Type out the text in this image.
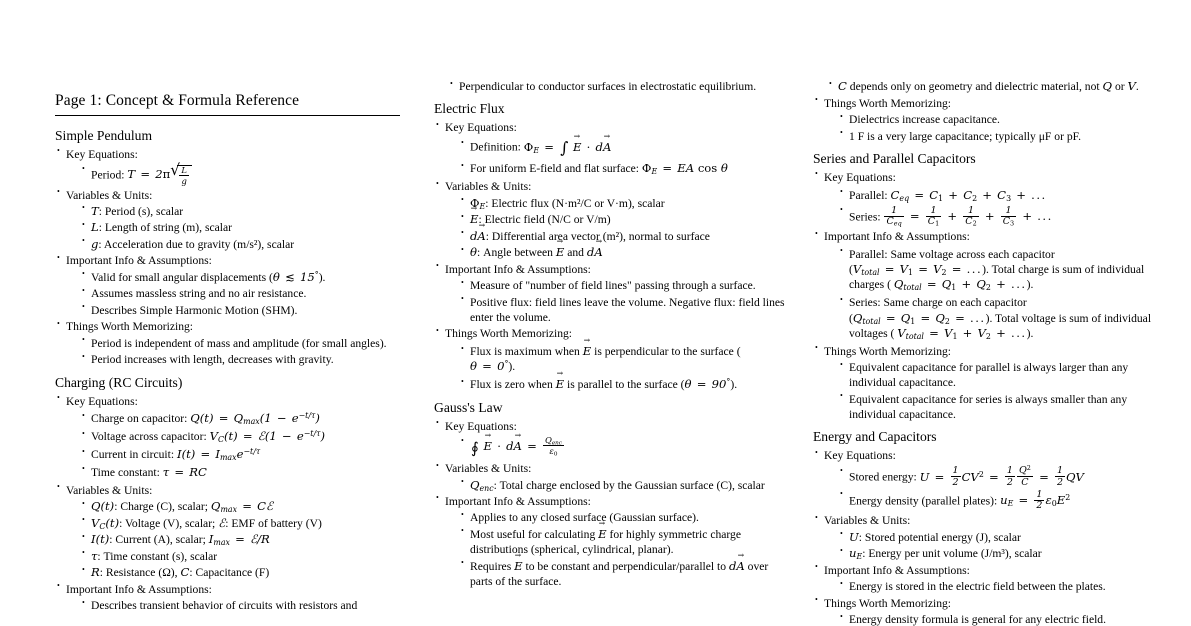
Page 1: Concept & Formula Reference
Simple Pendulum
• Key Equations:
• Period: T = 2π √ $\frac{L}{g}$
• Variables & Units:
• T: Period (s), scalar
• L: Length of string (m), scalar
• g: Acceleration due to gravity (m/s²), scalar
• Important Info & Assumptions:
• Valid for small angular displacements (θ ≲ 15°).
• Assumes massless string and no air resistance.
• Describes Simple Harmonic Motion (SHM).
• Things Worth Memorizing:
• Period is independent of mass and amplitude (for small angles).
• Period increases with length, decreases with gravity.
Charging (RC Circuits)
• Key Equations:
• Charge on capacitor: $Q(t) = Q_{max}(1 - e^{-t/\tau})$
• Voltage across capacitor: $V_C(t)$ = ℰ(1 − $e^{-t/\tau}$)
• Current in circuit: $I(t) = I_{max}e^{-t/\tau}$
• Time constant: τ = RC
• Variables & Units:
• Q(t): Charge (C), scalar; $Q_{max}$ = Cℰ
• $V_C(t)$: Voltage (V), scalar; ℰ: EMF of battery (V)
• I(t): Current (A), scalar; $I_{max}$ = ℰ/R
• τ: Time constant (s), scalar
• R: Resistance (Ω), C: Capacitance (F)
• Important Info & Assumptions:
• Describes transient behavior of circuits with resistors and
• Perpendicular to conductor surfaces in electrostatic equilibrium.
Electric Flux
• Key Equations:
• Definition: $\Phi_E$ = ∫ E → · dA →
• For uniform E-field and flat surface: $\Phi_E$ = EA cos θ
• Variables & Units:
• $\Phi_E$: Electric flux (N·m²/C or V·m), scalar
• E →: Electric field (N/C or V/m)
• dA →: Differential area vector (m²), normal to surface
• θ: Angle between E → and dA →
• Important Info & Assumptions:
• Measure of "number of field lines" passing through a surface.
• Positive flux: field lines leave the volume. Negative flux: field lines enter the volume.
• Things Worth Memorizing:
• Flux is maximum when E → is perpendicular to the surface ( θ = 0°).
• Flux is zero when E → is parallel to the surface (θ = 90°).
Gauss's Law
• Key Equations:
• ∮ E → · dA → = $\frac{Q_{enc}}{\varepsilon_0}$
• Variables & Units:
• $Q_{enc}$: Total charge enclosed by the Gaussian surface (C), scalar
• Important Info & Assumptions:
• Applies to any closed surface (Gaussian surface).
• Most useful for calculating E → for highly symmetric charge distributions (spherical, cylindrical, planar).
• Requires E → to be constant and perpendicular/parallel to dA → over parts of the surface.
• C depends only on geometry and dielectric material, not Q or V.
• Things Worth Memorizing:
• Dielectrics increase capacitance.
• 1 F is a very large capacitance; typically μF or pF.
Series and Parallel Capacitors
• Key Equations:
• Parallel: $C_{eq} = C_1 + C_2 + C_3$ + ...
• Series: $\frac{1}{C_{eq}} = \frac{1}{C_1} + \frac{1}{C_2} + \frac{1}{C_3}$ + ...
• Important Info & Assumptions:
• Parallel: Same voltage across each capacitor ($V_{total} = V_1 = V_2$ = ...). Total charge is sum of individual charges ( $Q_{total} = Q_1 + Q_2$ + ...).
• Series: Same charge on each capacitor ($Q_{total} = Q_1 = Q_2$ = ...). Total voltage is sum of individual voltages ( $V_{total} = V_1 + V_2$ + ...).
• Things Worth Memorizing:
• Equivalent capacitance for parallel is always larger than any individual capacitance.
• Equivalent capacitance for series is always smaller than any individual capacitance.
Energy and Capacitors
• Key Equations:
• Stored energy: $U = \frac{1}{2} CV^2 = \frac{1}{2} \frac{Q^2}{C} = \frac{1}{2}$ QV
• Energy density (parallel plates): $u_E = \frac{1}{2} \varepsilon_0E^2$
• Variables & Units:
• U: Stored potential energy (J), scalar
• $u_E$: Energy per unit volume (J/m³), scalar
• Important Info & Assumptions:
• Energy is stored in the electric field between the plates.
• Things Worth Memorizing:
• Energy density formula is general for any electric field.
